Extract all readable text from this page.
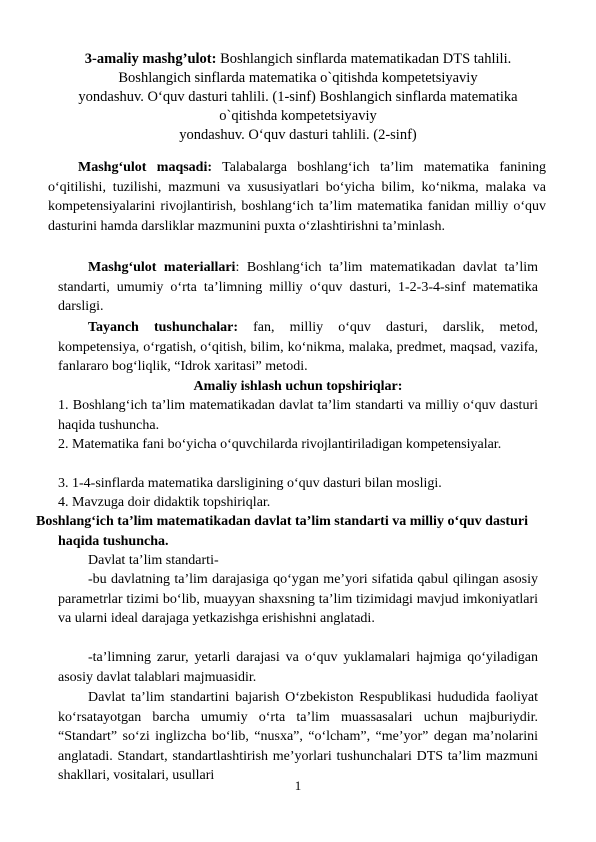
3-amaliy mashg’ulot: Boshlangich sinflarda matematikadan DTS tahlili.
Boshlangich sinflarda matematika o`qitishda kompetetsiyaviy
yondashuv. O‘quv dasturi tahlili. (1-sinf) Boshlangich sinflarda matematika
o`qitishda kompetetsiyaviy
yondashuv. O‘quv dasturi tahlili. (2-sinf)
Mashg‘ulot maqsadi: Talabalarga boshlang‘ich ta’lim matematika fanining o‘qitilishi, tuzilishi, mazmuni va xususiyatlari bo‘yicha bilim, ko‘nikma, malaka va kompetensiyalarini rivojlantirish, boshlang‘ich ta’lim matematika fanidan milliy o‘quv dasturini hamda darsliklar mazmunini puxta o‘zlashtirishni ta’minlash.
Mashg‘ulot materiallari: Boshlang‘ich ta’lim matematikadan davlat ta’lim standarti, umumiy o‘rta ta’limning milliy o‘quv dasturi, 1-2-3-4-sinf matematika darsligi.
Tayanch tushunchalar: fan, milliy o‘quv dasturi, darslik, metod, kompetensiya, o‘rgatish, o‘qitish, bilim, ko‘nikma, malaka, predmet, maqsad, vazifa, fanlararo bog‘liqlik, “Idrok xaritasi” metodi.
Amaliy ishlash uchun topshiriqlar:
1. Boshlang‘ich ta’lim matematikadan davlat ta’lim standarti va milliy o‘quv dasturi haqida tushuncha.
2. Matematika fani bo‘yicha o‘quvchilarda rivojlantiriladigan kompetensiyalar.
3. 1-4-sinflarda matematika darsligining o‘quv dasturi bilan mosligi.
4. Mavzuga doir didaktik topshiriqlar.
Boshlang‘ich ta’lim matematikadan davlat ta’lim standarti va milliy o‘quv dasturi haqida tushuncha.
Davlat ta’lim standarti-
-bu davlatning ta’lim darajasiga qo‘ygan me’yori sifatida qabul qilingan asosiy parametrlar tizimi bo‘lib, muayyan shaxsning ta’lim tizimidagi mavjud imkoniyatlari va ularni ideal darajaga yetkazishga erishishni anglatadi.
-ta’limning zarur, yetarli darajasi va o‘quv yuklamalari hajmiga qo‘yiladigan asosiy davlat talablari majmuasidir.
Davlat ta’lim standartini bajarish O‘zbekiston Respublikasi hududida faoliyat ko‘rsatayotgan barcha umumiy o‘rta ta’lim muassasalari uchun majburiydir. “Standart” so‘zi inglizcha bo‘lib, “nusxa”, “o‘lcham”, “me’yor” degan ma’nolarini anglatadi. Standart, standartlashtirish me’yorlari tushunchalari DTS ta’lim mazmuni shakllari, vositalari, usullari
1
